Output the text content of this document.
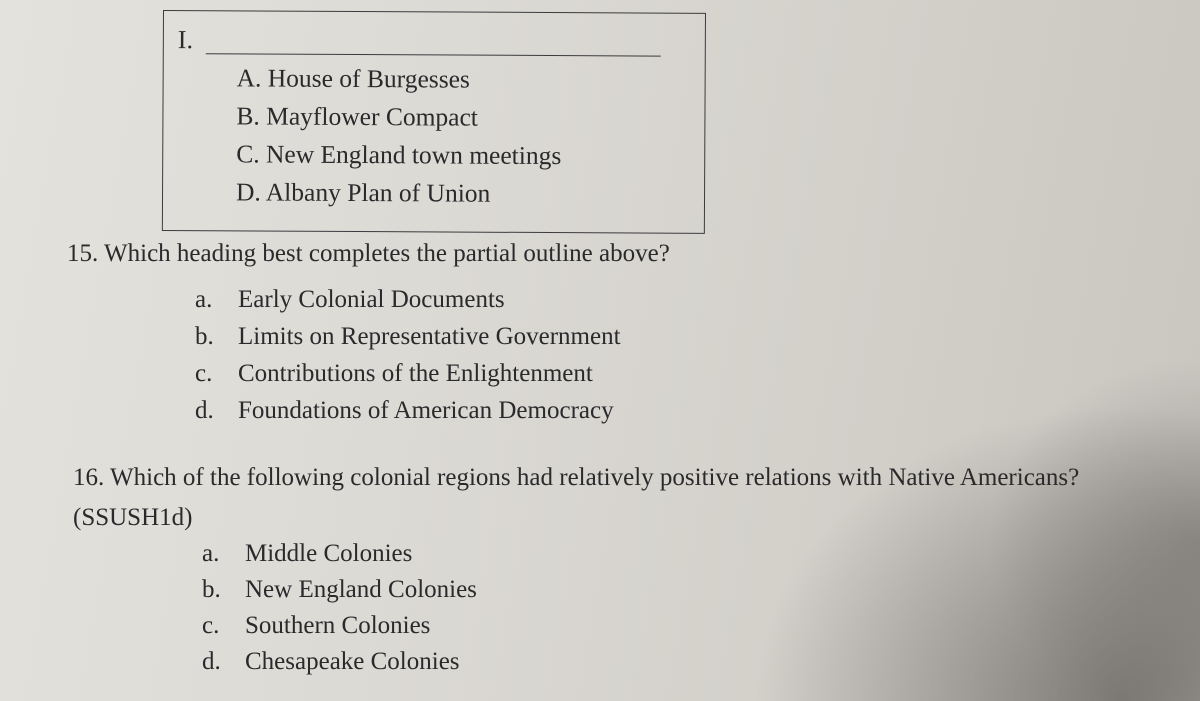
I.
A. House of Burgesses
B. Mayflower Compact
C. New England town meetings
D. Albany Plan of Union
15. Which heading best completes the partial outline above?
a.	Early Colonial Documents
b. Limits on Representative Government
c.	Contributions of the Enlightenment
d. Foundations of American Democracy
16. Which of the following colonial regions had relatively positive relations with Native Americans?
(SSUSH1d)
a.	Middle Colonies
b. New England Colonies
c.	Southern Colonies
d. Chesapeake Colonies
